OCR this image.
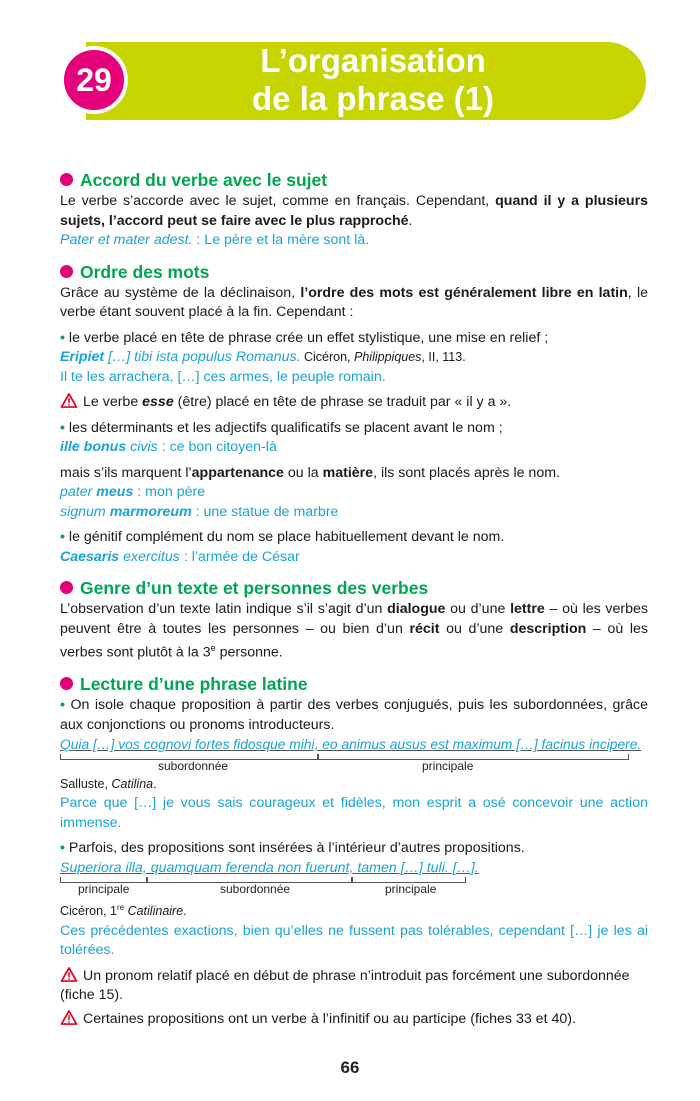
29
L’organisation
de la phrase (1)
Accord du verbe avec le sujet

Le verbe s’accorde avec le sujet, comme en français. Cependant, quand il y a plusieurs sujets, l’accord peut se faire avec le plus rapproché.

Pater et mater adest. : Le père et la mère sont là.

Ordre des mots

Grâce au système de la déclinaison, l’ordre des mots est généralement libre en latin, le verbe étant souvent placé à la fin. Cependant :

• le verbe placé en tête de phrase crée un effet stylistique, une mise en relief ;

Eripiet […] tibi ista populus Romanus. Cicéron, Philippiques, II, 113.

Il te les arrachera, […] ces armes, le peuple romain.

Le verbe esse (être) placé en tête de phrase se traduit par « il y a ».

• les déterminants et les adjectifs qualificatifs se placent avant le nom ;

ille bonus civis : ce bon citoyen-là

mais s’ils marquent l’appartenance ou la matière, ils sont placés après le nom.

pater meus : mon père

signum marmoreum : une statue de marbre

• le génitif complément du nom se place habituellement devant le nom.

Caesaris exercitus : l’armée de César

Genre d’un texte et personnes des verbes

L’observation d’un texte latin indique s’il s’agit d’un dialogue ou d’une lettre – où les verbes peuvent être à toutes les personnes – ou bien d’un récit ou d’une description – où les verbes sont plutôt à la 3e personne.

Lecture d’une phrase latine

• On isole chaque proposition à partir des verbes conjugués, puis les subordonnées, grâce aux conjonctions ou pronoms introducteurs.

Quia […] vos cognovi fortes fidosque mihi, eo animus ausus est maximum […] facinus incipere.

subordonnée	principale

Salluste, Catilina.

Parce que […] je vous sais courageux et fidèles, mon esprit a osé concevoir une action immense.

• Parfois, des propositions sont insérées à l’intérieur d’autres propositions.

Superiora illa, quamquam ferenda non fuerunt, tamen […] tuli. […].

principale	subordonnée	principale

Cicéron, 1re Catilinaire.

Ces précédentes exactions, bien qu’elles ne fussent pas tolérables, cependant […] je les ai tolérées.

Un pronom relatif placé en début de phrase n’introduit pas forcément une subordonnée (fiche 15).

Certaines propositions ont un verbe à l’infinitif ou au participe (fiches 33 et 40).

66
